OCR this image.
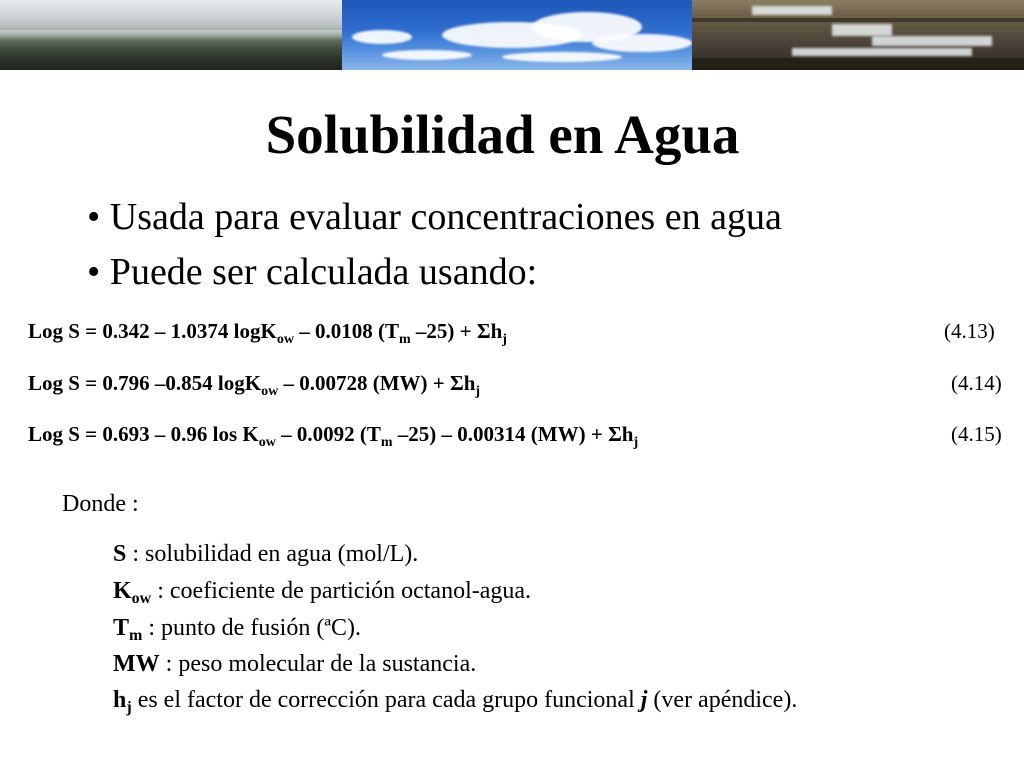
Solubilidad en Agua
• Usada para evaluar concentraciones en agua
• Puede ser calculada usando:
Log S = 0.342 – 1.0374 logK$_{ow}$ – 0.0108 ($T_m$ $-25) + \Sigma h_j$	(4.13)
Log S = 0.796 –0.854 logK$_{ow}$ – 0.00728 $(MW) + \Sigma h_j$	(4.14)
Log S = 0.693 – 0.96 los $K_{ow} - 0.0092$ ($T_m$ –25) – 0.00314 $(MW) + \Sigma h_j$	(4.15)
Donde :
S : solubilidad en agua (mol/L).
$K_{ow}$ : coeficiente de partición octanol-agua.
$T_m$ : punto de fusión (ªC).
MW : peso molecular de la sustancia.
$h_j$ es el factor de corrección para cada grupo funcional j (ver apéndice).
